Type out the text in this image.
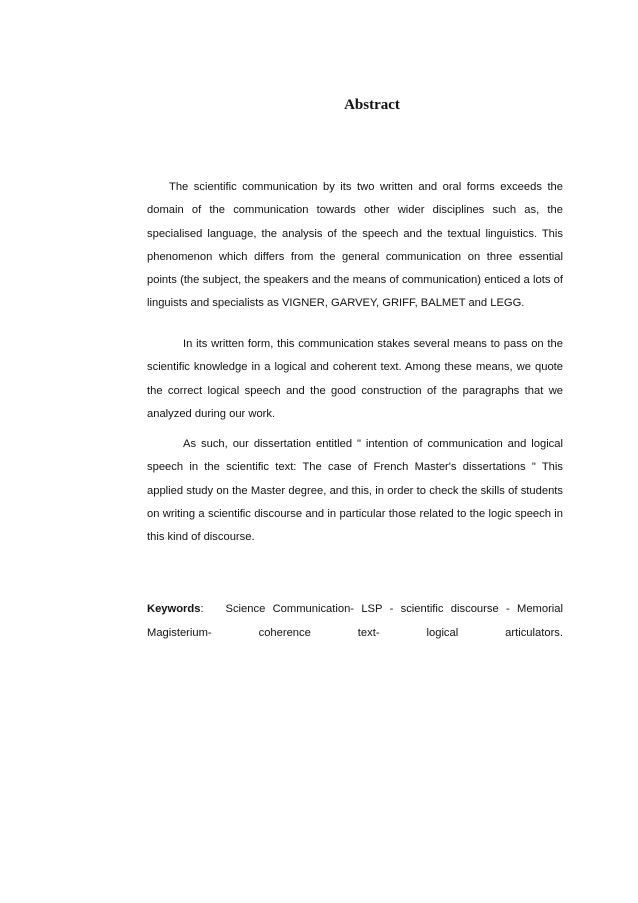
Abstract

The scientific communication by its two written and oral forms exceeds the domain of the communication towards other wider disciplines such as, the specialised language, the analysis of the speech and the textual linguistics. This phenomenon which differs from the general communication on three essential points (the subject, the speakers and the means of communication) enticed a lots of linguists and specialists as VIGNER, GARVEY, GRIFF, BALMET and LEGG.

In its written form, this communication stakes several means to pass on the scientific knowledge in a logical and coherent text. Among these means, we quote the correct logical speech and the good construction of the paragraphs that we analyzed during our work.

As such, our dissertation entitled " intention of communication and logical speech in the scientific text: The case of French Master's dissertations " This applied study on the Master degree, and this, in order to check the skills of students on writing a scientific discourse and in particular those related to the logic speech in this kind of discourse.

Keywords: Science Communication- LSP - scientific discourse - Memorial Magisterium- coherence text- logical articulators.
